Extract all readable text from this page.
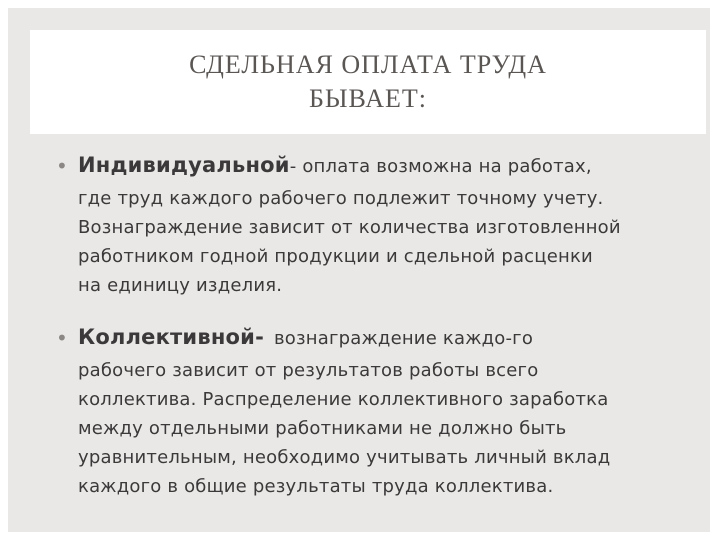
СДЕЛЬНАЯ ОПЛАТА ТРУДА
БЫВАЕТ:
• Индивидуальной- оплата возможна на работах,
где труд каждого рабочего подлежит точному учету.
Вознаграждение зависит от количества изготовленной
работником годной продукции и сдельной расценки
на единицу изделия.
• Коллективной- вознаграждение каждо-го
рабочего зависит от результатов работы всего
коллектива. Распределение коллективного заработка
между отдельными работниками не должно быть
уравнительным, необходимо учитывать личный вклад
каждого в общие результаты труда коллектива.
